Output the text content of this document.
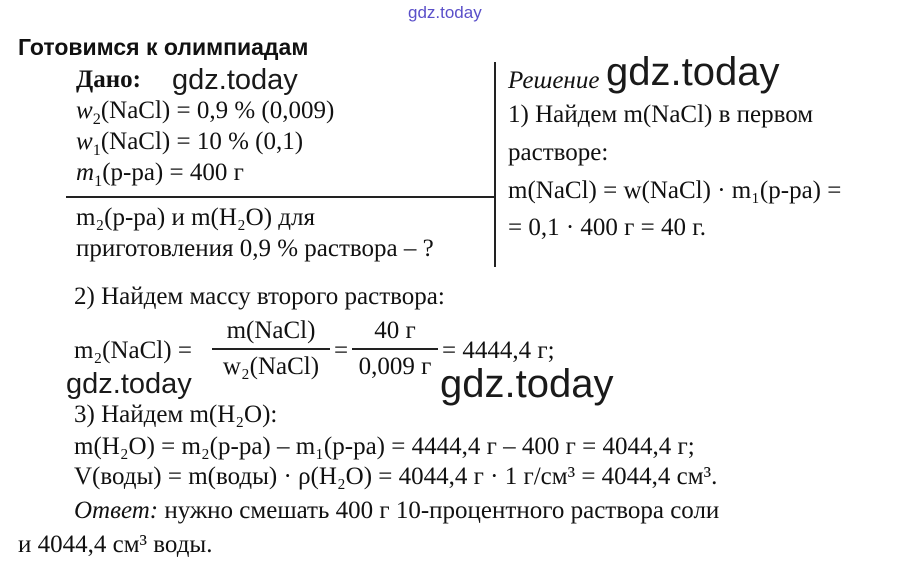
gdz.today
gdz.today	gdz.today
gdz.today	gdz.today
Готовимся к олимпиадам
Дано:
$w_2(NaCl) = 0,9$ % (0,009)
$w_1(NaCl) = 10$ % (0,1)
$m_1(р-ра) = 400$ г
m₂(р-ра) и m(H₂O) для
приготовления 0,9 % раствора – ?
Решение
1) Найдем m(NaCl) в первом
растворе:
m(NaCl) = w(NaCl) · m₁(р-ра) =
= 0,1 · 400 г = 40 г.
2) Найдем массу второго раствора:
m₂(NaCl) =
m(NaCl)
w₂(NaCl)
=
40 г
0,009 г
= 4444,4 г;
3) Найдем m(H₂O):
m(H₂O) = m₂(р-ра) – m₁(р-ра) = 4444,4 г – 400 г = 4044,4 г;
V(воды) = m(воды) · ρ(H₂O) = 4044,4 г · 1 г/см³ = 4044,4 см³.
Ответ: нужно смешать 400 г 10-процентного раствора соли
и 4044,4 см³ воды.
